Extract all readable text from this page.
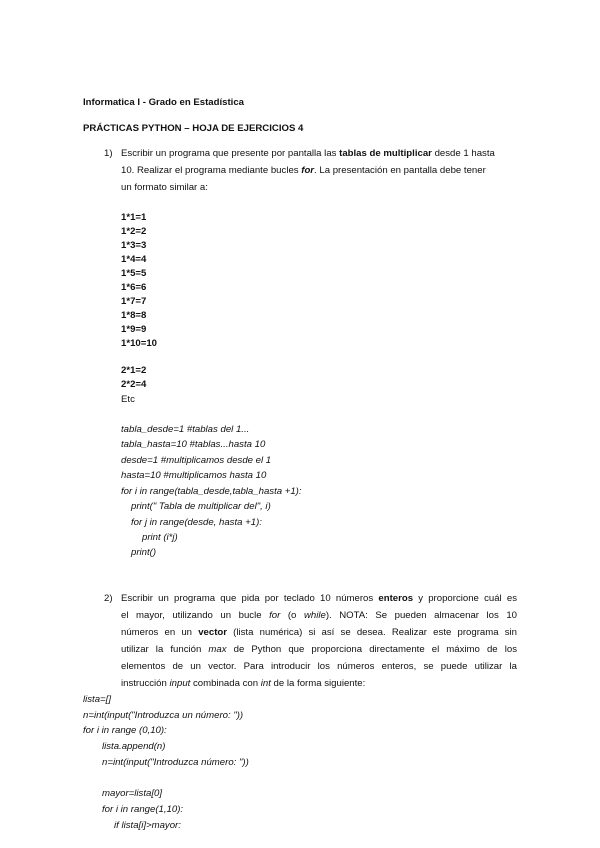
Informatica I - Grado en Estadística
PRÁCTICAS PYTHON – HOJA DE EJERCICIOS 4
1) Escribir un programa que presente por pantalla las tablas de multiplicar desde 1 hasta
10. Realizar el programa mediante bucles for. La presentación en pantalla debe tener
un formato similar a:
1*1=1
1*2=2
1*3=3
1*4=4
1*5=5
1*6=6
1*7=7
1*8=8
1*9=9
1*10=10
2*1=2
2*2=4
Etc
tabla_desde=1 #tablas del 1...
tabla_hasta=10 #tablas...hasta 10
desde=1 #multiplicamos desde el 1
hasta=10 #multiplicamos hasta 10
for i in range(tabla_desde,tabla_hasta +1):
print(" Tabla de multiplicar del", i)
for j in range(desde, hasta +1):
print (i*j)
print()
2) Escribir un programa que pida por teclado 10 números enteros y proporcione cuál es
el mayor, utilizando un bucle for (o while). NOTA: Se pueden almacenar los 10
números en un vector (lista numérica) si así se desea. Realizar este programa sin
utilizar la función max de Python que proporciona directamente el máximo de los
elementos de un vector. Para introducir los números enteros, se puede utilizar la
instrucción input combinada con int de la forma siguiente:
lista=[]
n=int(input("Introduzca un número: "))
for i in range (0,10):
lista.append(n)
n=int(input("Introduzca número: "))
mayor=lista[0]
for i in range(1,10):
if lista[i]>mayor:
